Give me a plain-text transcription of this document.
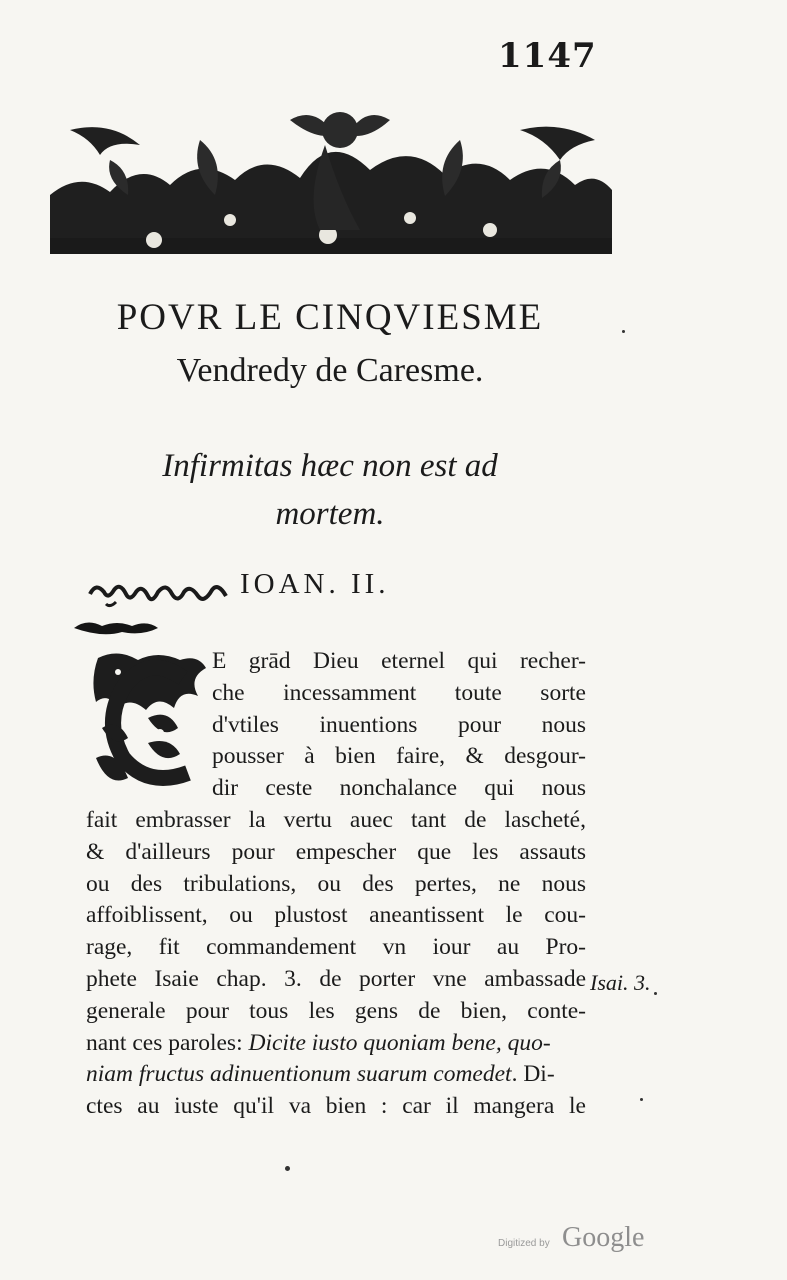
1147
POVR LE CINQVIESME
Vendredy de Caresme.
Infirmitas hæc non est ad
mortem.
IOAN. II.
E grād Dieu eternel qui recher-
che incessamment toute sorte
d'vtiles inuentions pour nous
pousser à bien faire, & desgour-
dir ceste nonchalance qui nous
fait embrasser la vertu auec tant de lascheté,
& d'ailleurs pour empescher que les assauts
ou des tribulations, ou des pertes, ne nous
affoiblissent, ou plustost aneantissent le cou-
rage, fit commandement vn iour au Pro-
phete Isaie chap. 3. de porter vne ambassade
generale pour tous les gens de bien, conte-
nant ces paroles: Dicite iusto quoniam bene, quo-
niam fructus adinuentionum suarum comedet. Di-
ctes au iuste qu'il va bien : car il mangera le
Isai. 3.
Digitized by Google
